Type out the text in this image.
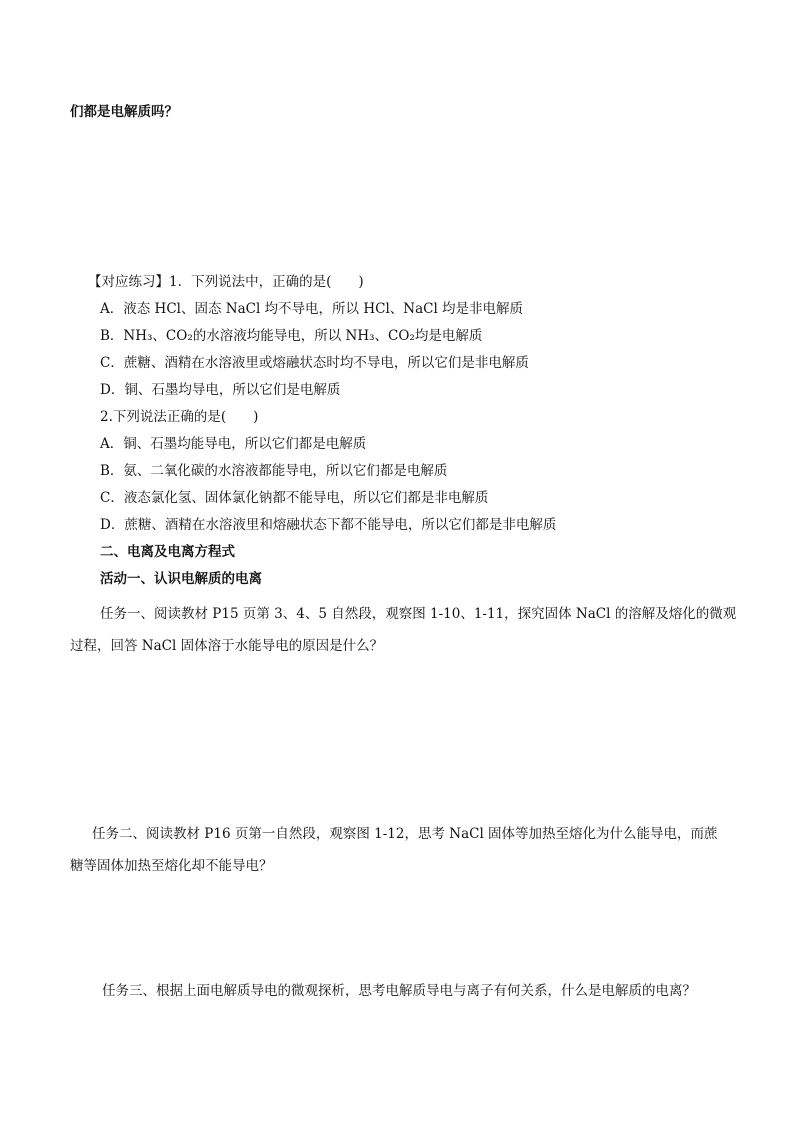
们都是电解质吗？
【对应练习】1．下列说法中，正确的是(　　)
A．液态 HCl、固态 NaCl 均不导电，所以 HCl、NaCl 均是非电解质
B．NH₃、CO₂的水溶液均能导电，所以 NH₃、CO₂均是电解质
C．蔗糖、酒精在水溶液里或熔融状态时均不导电，所以它们是非电解质
D．铜、石墨均导电，所以它们是电解质
2.下列说法正确的是(　　)
A．铜、石墨均能导电，所以它们都是电解质
B．氨、二氧化碳的水溶液都能导电，所以它们都是电解质
C．液态氯化氢、固体氯化钠都不能导电，所以它们都是非电解质
D．蔗糖、酒精在水溶液里和熔融状态下都不能导电，所以它们都是非电解质
二、电离及电离方程式
活动一、认识电解质的电离
任务一、阅读教材 P15 页第 3、4、5 自然段，观察图 1-10、1-11，探究固体 NaCl 的溶解及熔化的微观
过程，回答 NaCl 固体溶于水能导电的原因是什么？
任务二、阅读教材 P16 页第一自然段，观察图 1-12，思考 NaCl 固体等加热至熔化为什么能导电，而蔗
糖等固体加热至熔化却不能导电？
任务三、根据上面电解质导电的微观探析，思考电解质导电与离子有何关系，什么是电解质的电离？
